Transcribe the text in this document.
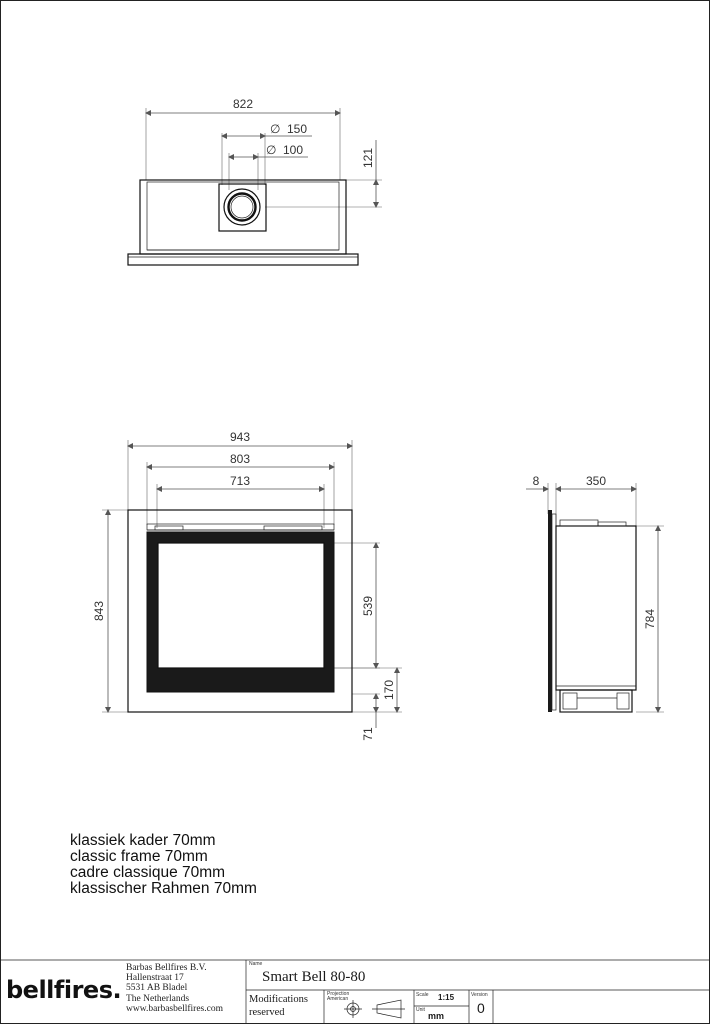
822
∅ 150
∅ 100	121
943
803
713
843	539
170
71
8	350
784
klassiek kader 70mm
classic frame 70mm
cadre classique 70mm
klassischer Rahmen 70mm
bellfires.
Barbas Bellfires B.V.
Hallenstraat 17
5531 AB Bladel
The Netherlands
www.barbasbellfires.com
Name
Smart Bell 80-80
Modifications
reserved
Projection
American
Scale 1:15
Unit
mm
Version
0
